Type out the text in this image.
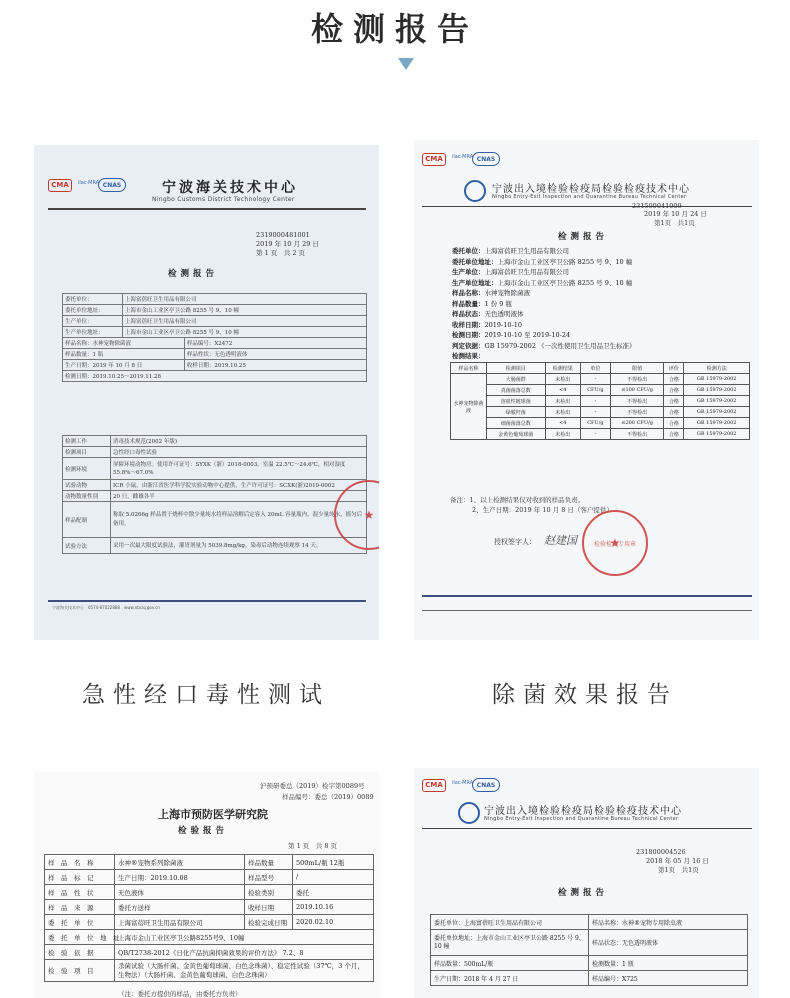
检测报告
CMA	ilac·MRA CNAS	宁波海关技术中心
Ningbo Customs District Technology Center
2319000481001
2019 年 10 月 29 日
第 1 页　共 2 页
检测报告
委托单位：	上海富蓓旺卫生用品有限公司	
委托单位地址：	上海市金山工业区亭卫公路 8255 号 9、10 幢	
生产单位：	上海富蓓旺卫生用品有限公司	
生产单位地址：	上海市金山工业区亭卫公路 8255 号 9、10 幢	
样品名称：水神宠物除菌液		样品编号：X2472
样品数量：1 瓶		样品性状：无色透明液体
生产日期：2019 年 10 月 8 日		收样日期：2019.10.25
检测日期：2019.10.25～2019.11.28		
检测工作	消毒技术规范(2002 年版)
检测项目	急性经口毒性试验
检测环境	屏障环境动物房。使用许可证号：SYXK（浙）2018-0003。室温 22.5℃～24.6℃，相对湿度 55.8%～67.0%
试验动物	ICR 小鼠，由浙江省医学科学院实验动物中心提供，生产许可证号：SCXK(浙)2019-0002
动物数量性别	20 只，雌雄各半
样品配制	称取 5.0266g 样品置于烧杯中散少量纯水将样品溶解后定容入 20mL 容量瓶内，混少量纯水，摇匀后备用。
试验方法	采用一次最大限度试验法，灌胃剂量为 5039.8mg/kg。染毒后动物连续观察 14 天。
★
宁波海关技术中心　0574-87022888　www.nbciq.gov.cn
急性经口毒性测试
CMA	ilac·MRA CNAS
宁波出入境检验检疫局检验检疫技术中心
Ningbo Entry-Exit Inspection and Quarantine Bureau Technical Center
231500041009
2019 年 10 月 24 日
第1页　共1页
检测报告
委托单位：上海富蓓旺卫生用品有限公司
委托单位地址：上海市金山工业区亭卫公路 8255 号 9、10 幢
生产单位：上海富蓓旺卫生用品有限公司
生产单位地址：上海市金山工业区亭卫公路 8255 号 9、10 幢
样品名称：水神宠物除菌液
样品数量：1 份 9 瓶
样品状态：无色透明液体
收样日期：2019-10-10
检测日期：2019-10-10 至 2019-10-24
判定依据：GB 15979-2002 《一次性使用卫生用品卫生标准》
检测结果：
样品名称	检测项目	检测结果	单位	限值	评价	检测方法
水神宠物除菌液	大肠菌群	未检出	-	不得检出	合格	GB 15979-2002
	真菌菌落总数	<4	CFU/g	≤100 CFU/g	合格	GB 15979-2002
	溶血性链球菌	未检出	-	不得检出	合格	GB 15979-2002
	绿脓杆菌	未检出	-	不得检出	合格	GB 15979-2002
	细菌菌落总数	<4	CFU/g	≤200 CFU/g	合格	GB 15979-2002
	金黄色葡萄球菌	未检出	-	不得检出	合格	GB 15979-2002
备注：1、以上检测结果仅对收到的样品负责。
2、生产日期：2019 年 10 月 8 日（客户提供）
授权签字人： 赵建国	检验检测专用章 ★
除菌效果报告
沪预研委总（2019）检字第0089号
样品编号：委总（2019）0089
上海市预防医学研究院
检验报告
第 1 页　共 8 页
样　品　名　称	水神®宠物系列除菌液	样品数量	500mL/瓶 12瓶
样　品　标　记	生产日期：2019.10.08	样品型号	/
样　品　性　状	无色液体	检验类别	委托
样　品　来　源	委托方送样	收样日期	2019.10.16
委　托　单　位	上海富蓓旺卫生用品有限公司	检验完成日期	2020.02.10
委　托　单　位　地　址	上海市金山工业区亭卫公路8255号9、10幢		
检　验　依　据	QB/T2738-2012《日化产品抗菌抑菌效果的评价方法》 7.2、8		
检　验　项　目	杀菌试验（大肠杆菌、金黄色葡萄球菌、白色念珠菌）、稳定性试验（37℃，3 个月，生物法）（大肠杆菌、金黄色葡萄球菌、白色念珠菌）		
（注：委托方提供的样品，由委托方负责）
CMA	ilac·MRA CNAS
宁波出入境检验检疫局检验检疫技术中心
Ningbo Entry-Exit Inspection and Quarantine Bureau Technical Center
231800004526
2018 年 05 月 16 日
第1页　共1页
检测报告
委托单位：上海富蓓旺卫生用品有限公司	样品名称：水神®宠物专用除虫液
委托单位地址：上海市金山工业区亭卫公路 8255 号 9、10 幢	样品状态：无色透明液体
样品数量：500mL/瓶	检测数量：1 瓶
生产日期：2018 年 4 月 27 日	样品编号：X725
